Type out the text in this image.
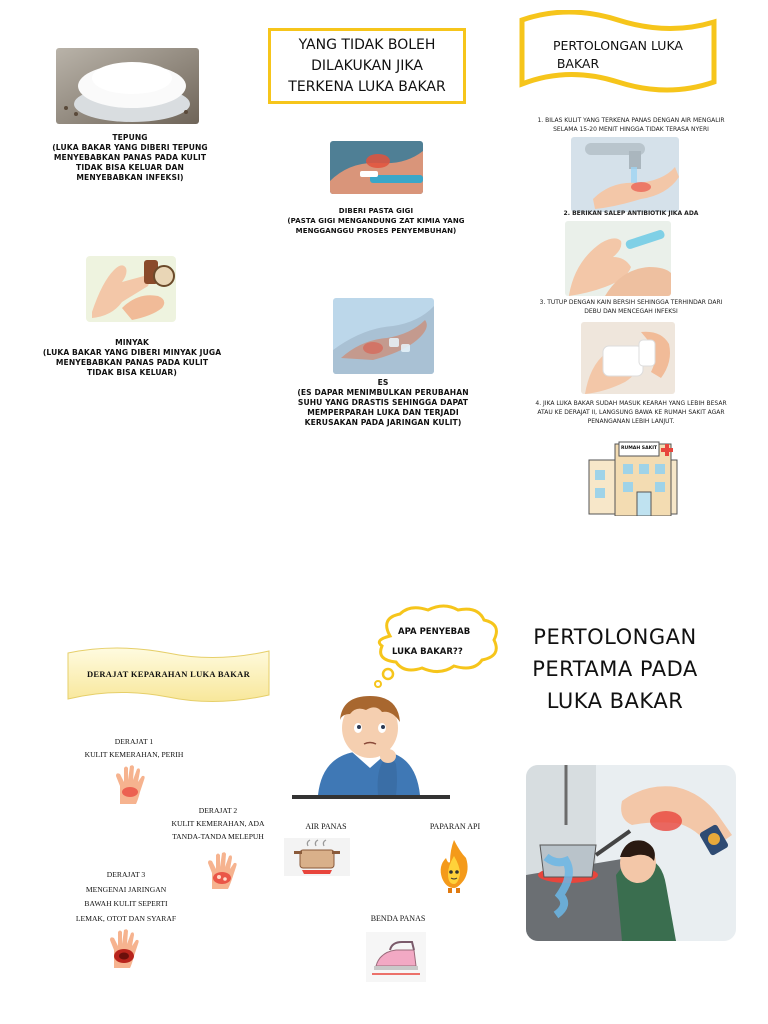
TEPUNG

(LUKA BAKAR YANG DIBERI TEPUNG MENYEBABKAN PANAS PADA KULIT TIDAK BISA KELUAR DAN MENYEBABKAN INFEKSI)

MINYAK

(LUKA BAKAR YANG DIBERI MINYAK JUGA MENYEBABKAN PANAS PADA KULIT TIDAK BISA KELUAR)

YANG TIDAK BOLEH
DILAKUKAN JIKA
TERKENA LUKA BAKAR

DIBERI PASTA GIGI

(PASTA GIGI MENGANDUNG ZAT KIMIA YANG MENGGANGGU PROSES PENYEMBUHAN)

ES

(ES DAPAR MENIMBULKAN PERUBAHAN SUHU YANG DRASTIS SEHINGGA DAPAT MEMPERPARAH LUKA DAN TERJADI KERUSAKAN PADA JARINGAN KULIT)

PERTOLONGAN LUKA
BAKAR
1. BILAS KULIT YANG TERKENA PANAS DENGAN AIR MENGALIR SELAMA 15-20 MENIT HINGGA TIDAK TERASA NYERI
2. BERIKAN SALEP ANTIBIOTIK JIKA ADA
3. TUTUP DENGAN KAIN BERSIH SEHINGGA TERHINDAR DARI DEBU DAN MENCEGAH INFEKSI
4. JIKA LUKA BAKAR SUDAH MASUK KEARAH YANG LEBIH BESAR ATAU KE DERAJAT II, LANGSUNG BAWA KE RUMAH SAKIT AGAR PENANGANAN LEBIH LANJUT.
RUMAH SAKIT
DERAJAT KEPARAHAN LUKA BAKAR
DERAJAT 1
KULIT KEMERAHAN, PERIH
DERAJAT 2
KULIT KEMERAHAN, ADA
TANDA-TANDA MELEPUH
DERAJAT 3
MENGENAI JARINGAN
BAWAH KULIT SEPERTI
LEMAK, OTOT DAN SYARAF
APA PENYEBAB
LUKA BAKAR??
AIR PANAS	PAPARAN API
BENDA PANAS
PERTOLONGAN
PERTAMA PADA
LUKA BAKAR
